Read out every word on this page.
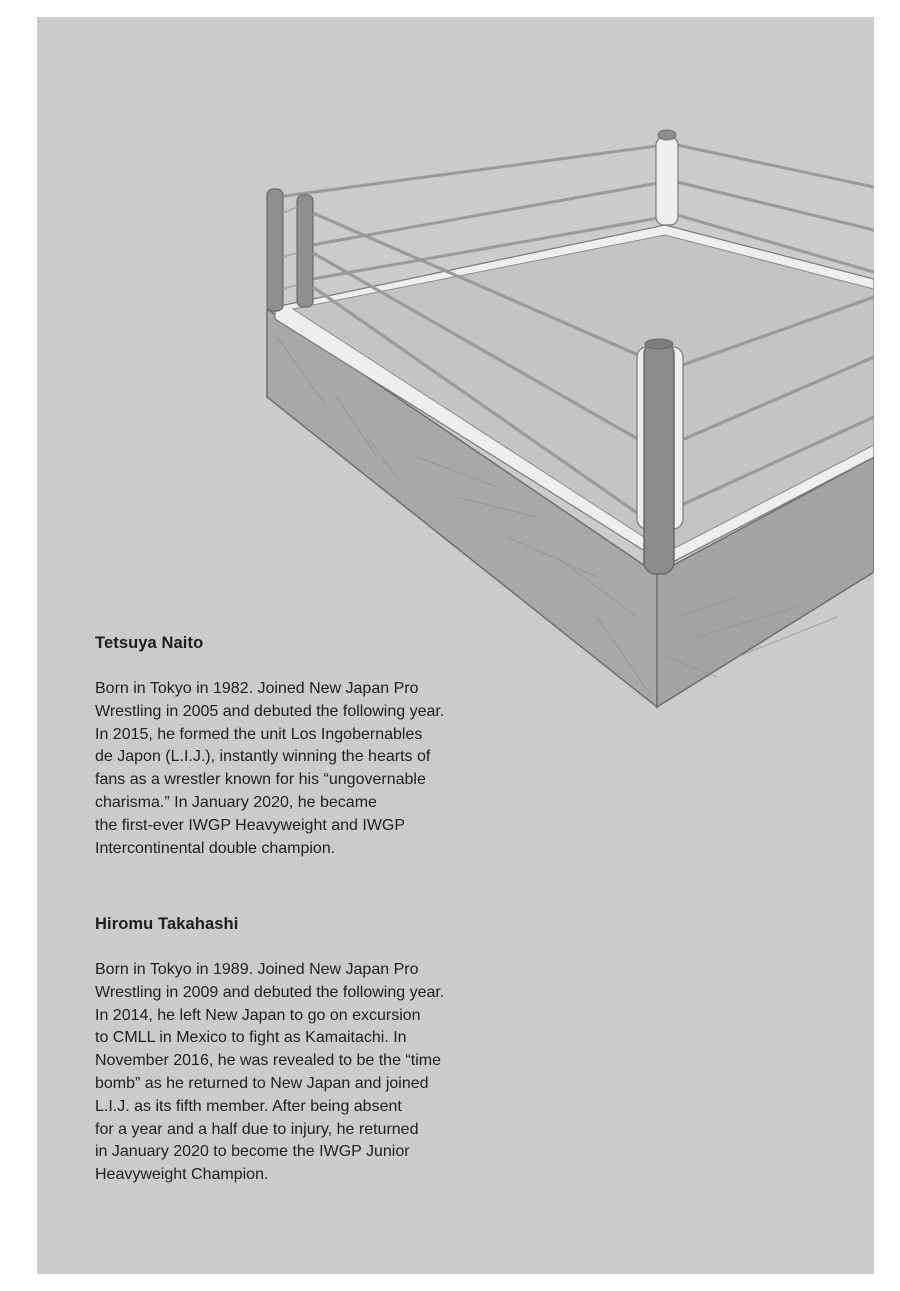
Tetsuya Naito

Born in Tokyo in 1982. Joined New Japan Pro
Wrestling in 2005 and debuted the following year.
In 2015, he formed the unit Los Ingobernables
de Japon (L.I.J.), instantly winning the hearts of
fans as a wrestler known for his “ungovernable
charisma.” In January 2020, he became
the first-ever IWGP Heavyweight and IWGP
Intercontinental double champion.

Hiromu Takahashi

Born in Tokyo in 1989. Joined New Japan Pro
Wrestling in 2009 and debuted the following year.
In 2014, he left New Japan to go on excursion
to CMLL in Mexico to fight as Kamaitachi. In
November 2016, he was revealed to be the “time
bomb” as he returned to New Japan and joined
L.I.J. as its fifth member. After being absent
for a year and a half due to injury, he returned
in January 2020 to become the IWGP Junior
Heavyweight Champion.
